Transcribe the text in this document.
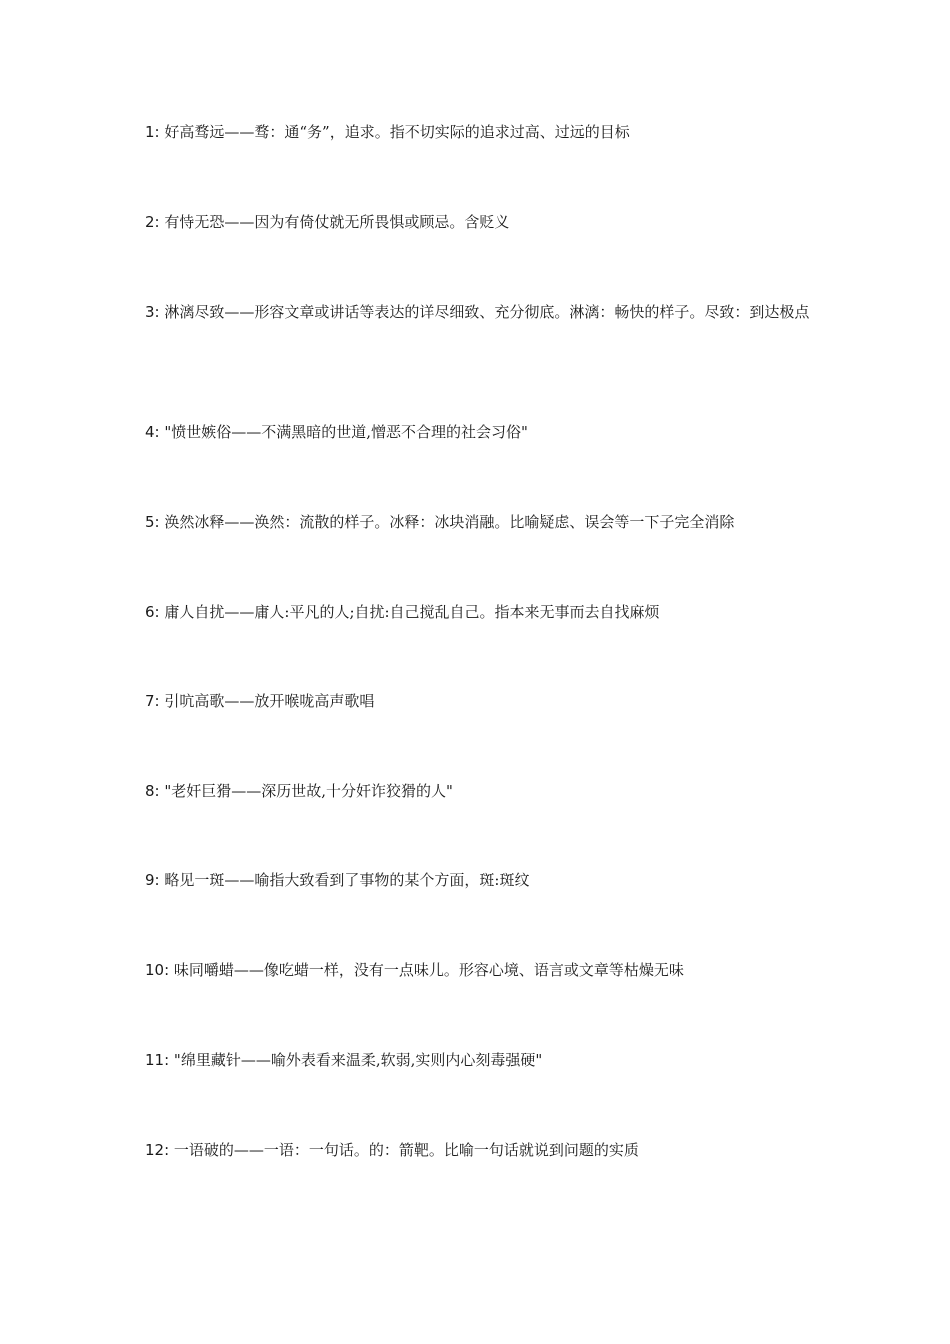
1: 好高骛远——骛：通“务”，追求。指不切实际的追求过高、过远的目标
2: 有恃无恐——因为有倚仗就无所畏惧或顾忌。含贬义
3: 淋漓尽致——形容文章或讲话等表达的详尽细致、充分彻底。淋漓：畅快的样子。尽致：到达极点
4: "愤世嫉俗——不满黑暗的世道,憎恶不合理的社会习俗"
5: 涣然冰释——涣然：流散的样子。冰释：冰块消融。比喻疑虑、误会等一下子完全消除
6: 庸人自扰——庸人:平凡的人;自扰:自己搅乱自己。指本来无事而去自找麻烦
7: 引吭高歌——放开喉咙高声歌唱
8: "老奸巨猾——深历世故,十分奸诈狡猾的人"
9: 略见一斑——喻指大致看到了事物的某个方面，斑:斑纹
10: 味同嚼蜡——像吃蜡一样，没有一点味儿。形容心境、语言或文章等枯燥无味
11: "绵里藏针——喻外表看来温柔,软弱,实则内心刻毒强硬"
12: 一语破的——一语：一句话。的：箭靶。比喻一句话就说到问题的实质
